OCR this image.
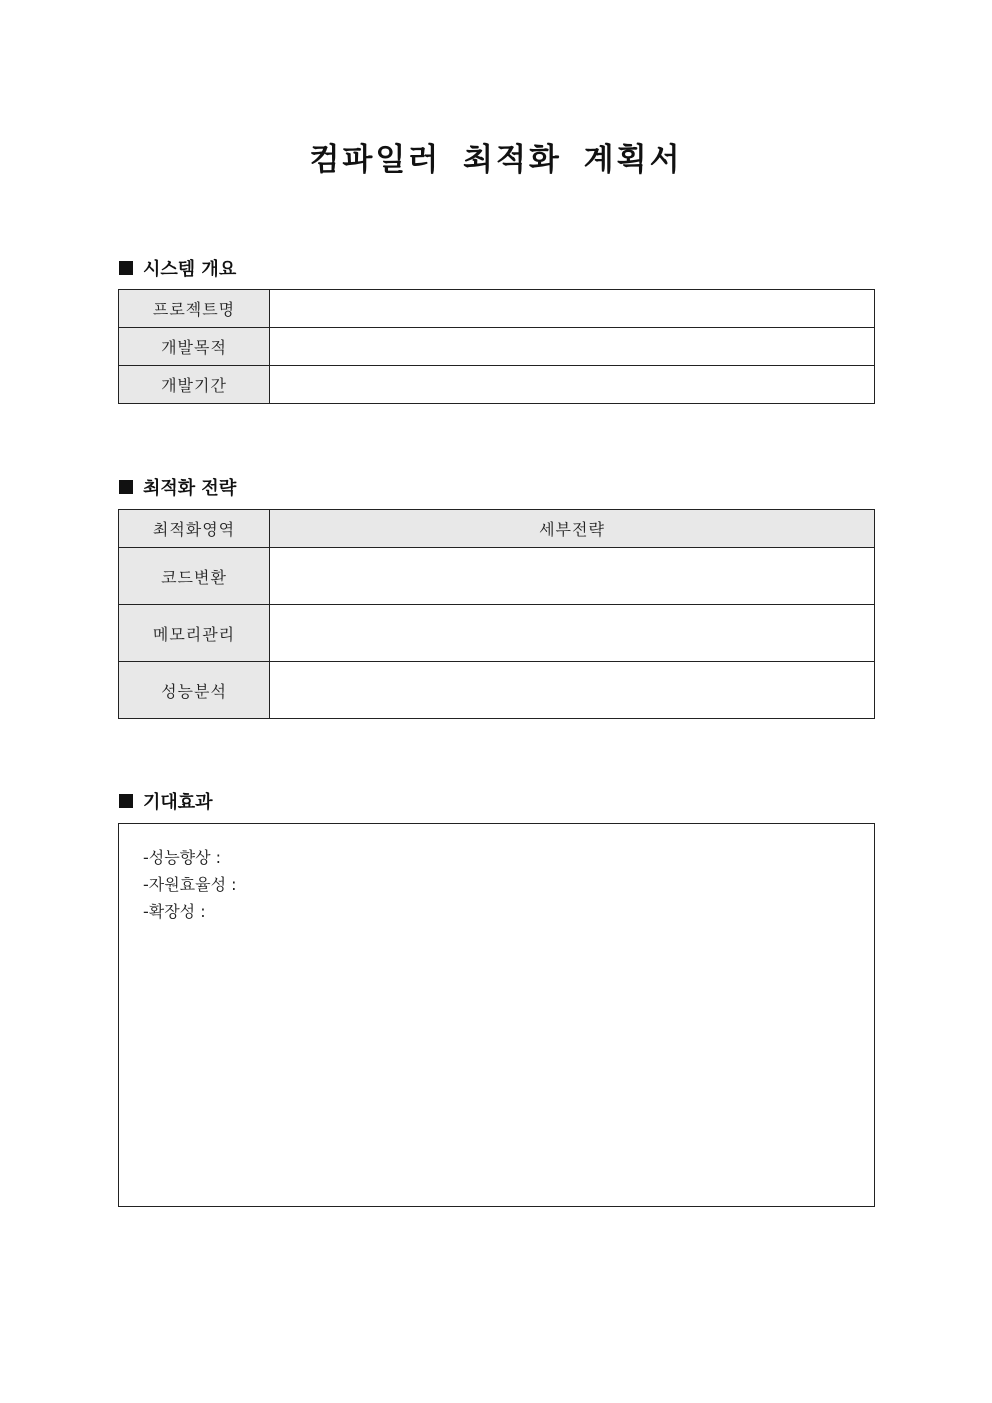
컴파일러 최적화 계획서
시스템 개요
프로젝트명	
개발목적	
개발기간	
최적화 전략
최적화영역	세부전략
코드변환	
메모리관리	
성능분석	
기대효과
-성능향상 :
-자원효율성 :
-확장성 :
